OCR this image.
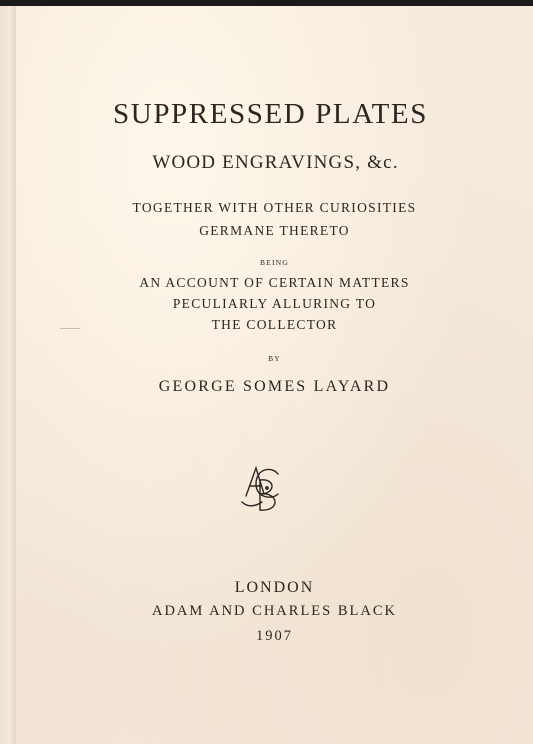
SUPPRESSED PLATES
WOOD ENGRAVINGS, &c.
TOGETHER WITH OTHER CURIOSITIES
GERMANE THERETO
BEING
AN ACCOUNT OF CERTAIN MATTERS
PECULIARLY ALLURING TO
THE COLLECTOR
BY
GEORGE SOMES LAYARD
LONDON
ADAM AND CHARLES BLACK
1907
